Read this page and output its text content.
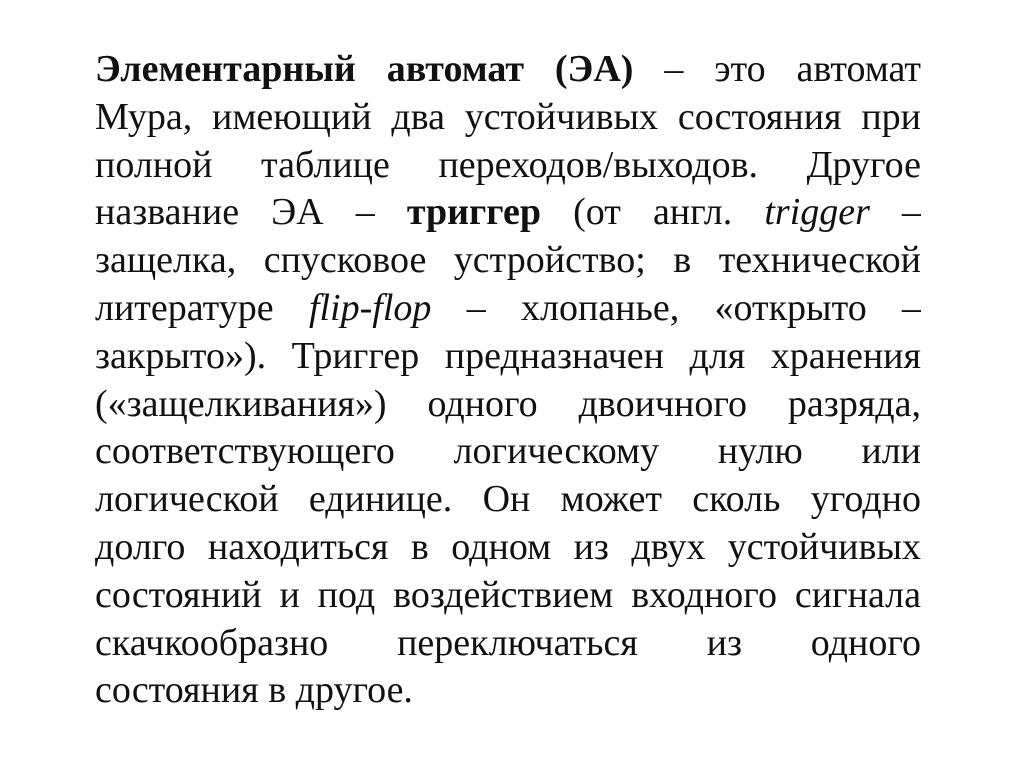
Элементарный автомат (ЭА) – это автомат
Мура, имеющий два устойчивых состояния при
полной таблице переходов/выходов. Другое
название ЭА – триггер (от англ. trigger –
защелка, спусковое устройство; в технической
литературе flip-flop – хлопанье, «открыто –
закрыто»). Триггер предназначен для хранения
(«защелкивания») одного двоичного разряда,
соответствующего логическому нулю или
логической единице. Он может сколь угодно
долго находиться в одном из двух устойчивых
состояний и под воздействием входного сигнала
скачкообразно переключаться из одного
состояния в другое.
